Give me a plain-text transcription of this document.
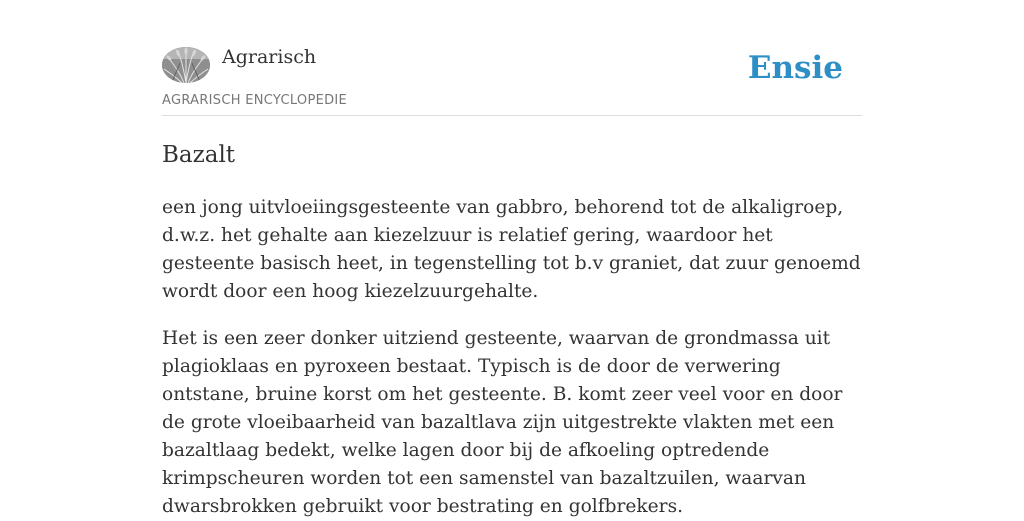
Agrarisch
AGRARISCH ENCYCLOPEDIE
Ensie
Bazalt

een jong uitvloeiingsgesteente van gabbro, behorend tot de alkaligroep, d.w.z. het gehalte aan kiezelzuur is relatief gering, waardoor het gesteente basisch heet, in tegenstelling tot b.v graniet, dat zuur genoemd wordt door een hoog kiezelzuurgehalte.

Het is een zeer donker uitziend gesteente, waarvan de grondmassa uit plagioklaas en pyroxeen bestaat. Typisch is de door de verwering ontstane, bruine korst om het gesteente. B. komt zeer veel voor en door de grote vloeibaarheid van bazaltlava zijn uitgestrekte vlakten met een bazaltlaag bedekt, welke lagen door bij de afkoeling optredende krimpscheuren worden tot een samenstel van bazaltzuilen, waarvan dwarsbrokken gebruikt voor bestrating en golfbrekers.
